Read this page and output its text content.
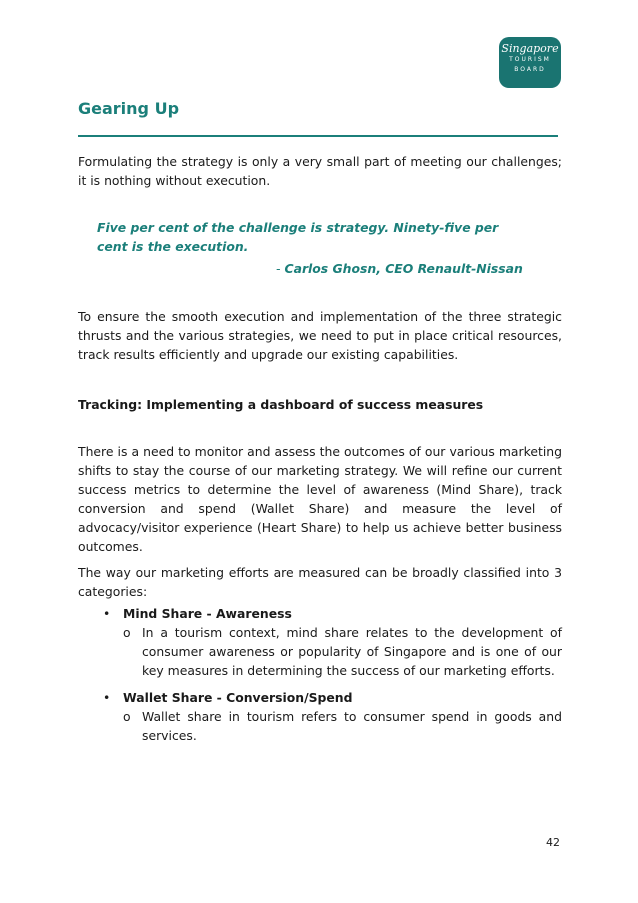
Singapore
TOURISM
BOARD
Gearing Up

Formulating the strategy is only a very small part of meeting our challenges; it is nothing without execution.

Five per cent of the challenge is strategy. Ninety-five per cent is the execution.

- Carlos Ghosn, CEO Renault-Nissan

To ensure the smooth execution and implementation of the three strategic thrusts and the various strategies, we need to put in place critical resources, track results efficiently and upgrade our existing capabilities.

Tracking: Implementing a dashboard of success measures

There is a need to monitor and assess the outcomes of our various marketing shifts to stay the course of our marketing strategy. We will refine our current success metrics to determine the level of awareness (Mind Share), track conversion and spend (Wallet Share) and measure the level of advocacy/visitor experience (Heart Share) to help us achieve better business outcomes.

The way our marketing efforts are measured can be broadly classified into 3 categories:

• Mind Share - Awareness
o In a tourism context, mind share relates to the development of consumer awareness or popularity of Singapore and is one of our key measures in determining the success of our marketing efforts.
• Wallet Share - Conversion/Spend
o Wallet share in tourism refers to consumer spend in goods and services.
42
